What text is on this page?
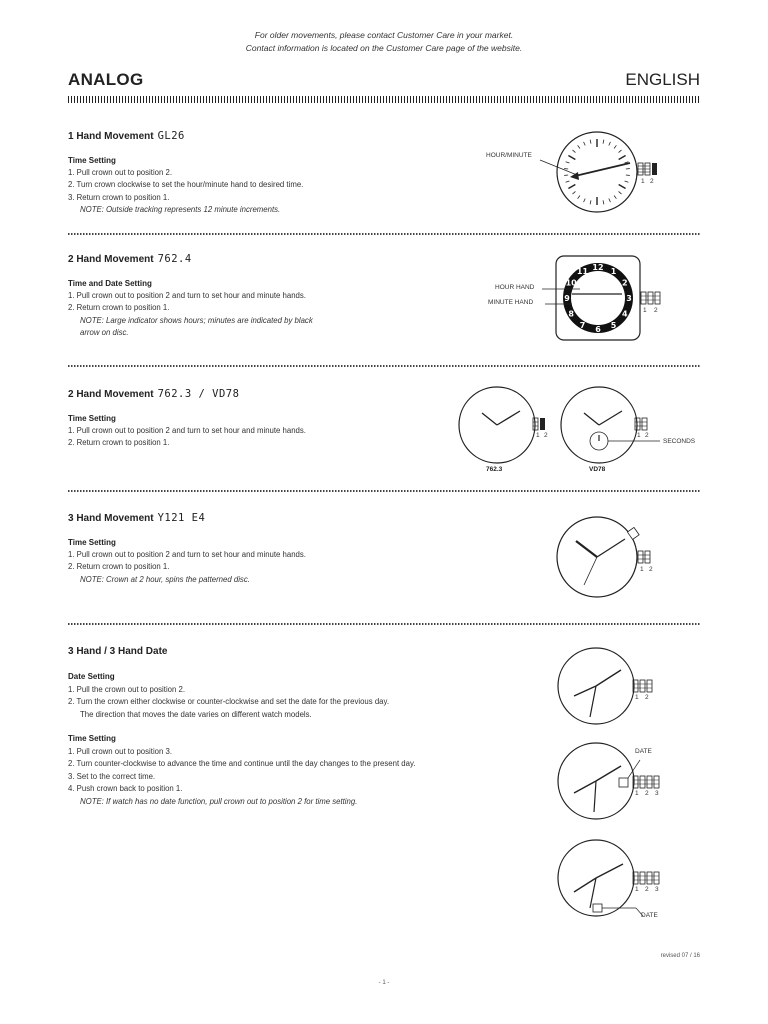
For older movements, please contact Customer Care in your market.
Contact information is located on the Customer Care page of the website.
ANALOG	ENGLISH
1 Hand Movement GL26
Time Setting
1. Pull crown out to position 2.
2. Turn crown clockwise to set the hour/minute hand to desired time.
3. Return crown to position 1.
NOTE: Outside tracking represents 12 minute increments.
HOUR/MINUTE
1 2
2 Hand Movement 762.4
Time and Date Setting
1. Pull crown out to position 2 and turn to set hour and minute hands.
2. Return crown to position 1.
NOTE: Large indicator shows hours; minutes are indicated by black
arrow on disc.
HOUR HAND
MINUTE HAND
12 1
2
3
4
5
6
7
8
9
10
11
1 2
2 Hand Movement 762.3 / VD78
Time Setting
1. Pull crown out to position 2 and turn to set hour and minute hands.
2. Return crown to position 1.
1 2	1 2
SECONDS
762.3	VD78
3 Hand Movement Y121 E4
Time Setting
1. Pull crown out to position 2 and turn to set hour and minute hands.
2. Return crown to position 1.
NOTE: Crown at 2 hour, spins the patterned disc.
1 2
3 Hand / 3 Hand Date
Date Setting
1. Pull the crown out to position 2.
2. Turn the crown either clockwise or counter-clockwise and set the date for the previous day.
The direction that moves the date varies on different watch models.
Time Setting
1. Pull crown out to position 3.
2. Turn counter-clockwise to advance the time and continue until the day changes to the present day.
3. Set to the correct time.
4. Push crown back to position 1.
NOTE: If watch has no date function, pull crown out to position 2 for time setting.
1 2
DATE
1 2 3
1 2 3
DATE
revised 07 / 16
- 1 -
